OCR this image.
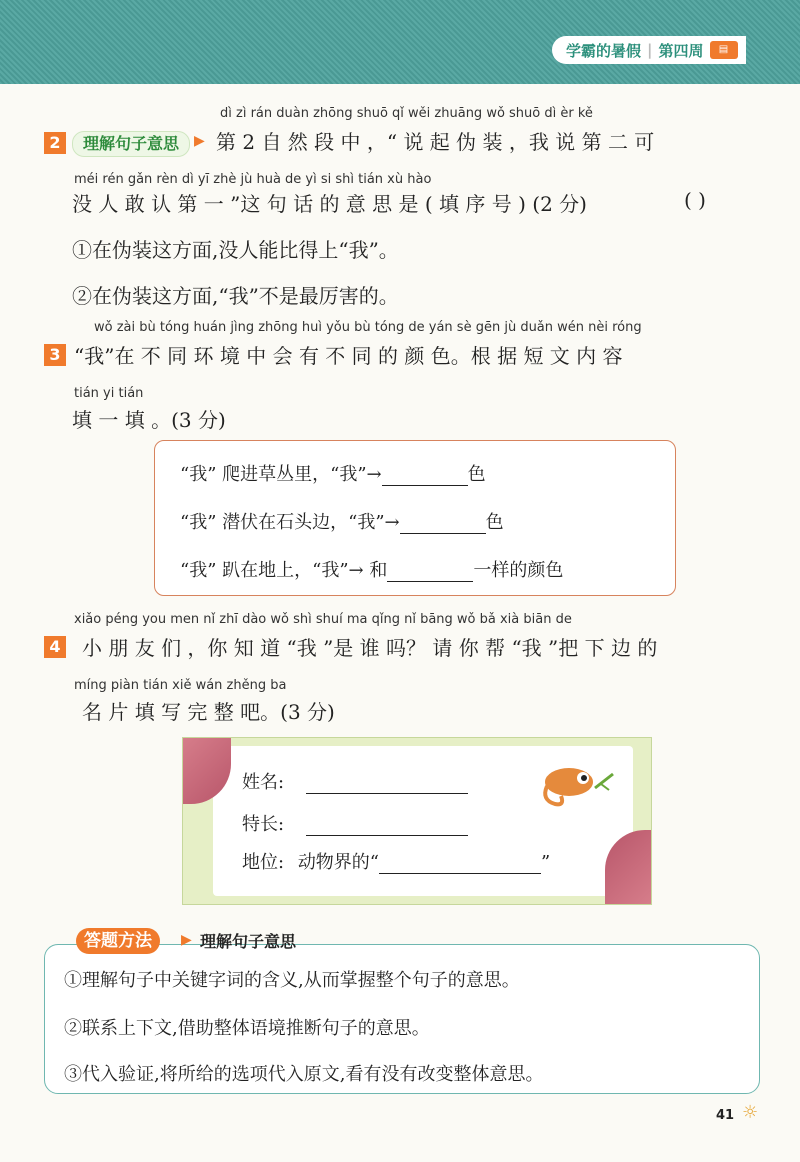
学霸的暑假 | 第四周	▤
2	理解句子意思	▶
dì zì rán duàn zhōng shuō qǐ wěi zhuāng wǒ shuō dì èr kě
第 2 自 然 段 中 ，“ 说 起 伪 装 ，我 说 第 二 可
méi rén gǎn rèn dì yī zhè jù huà de yì si shì tián xù hào
没 人 敢 认 第 一 ”这 句 话 的 意 思 是 ( 填 序 号 ) (2 分)	( )
①在伪装这方面,没人能比得上“我”。
②在伪装这方面,“我”不是最厉害的。
3
wǒ zài bù tóng huán jìng zhōng huì yǒu bù tóng de yán sè gēn jù duǎn wén nèi róng
“我”在 不 同 环 境 中 会 有 不 同 的 颜 色。根 据 短 文 内 容
tián yi tián
填 一 填 。(3 分)
“我” 爬进草丛里，“我”→	色
“我” 潜伏在石头边，“我”→	色
“我” 趴在地上，“我”→ 和	一样的颜色
4
xiǎo péng you men nǐ zhī dào wǒ shì shuí ma qǐng nǐ bāng wǒ bǎ xià biān de
小 朋 友 们 ，你 知 道 “我 ”是 谁 吗？ 请 你 帮 “我 ”把 下 边 的
míng piàn tián xiě wán zhěng ba
名 片 填 写 完 整 吧。(3 分)
姓名:
特长:
地位: 动物界的“	”
答题方法	▶ 理解句子意思
①理解句子中关键字词的含义,从而掌握整个句子的意思。
②联系上下文,借助整体语境推断句子的意思。
③代入验证,将所给的选项代入原文,看有没有改变整体意思。
41 ☼
